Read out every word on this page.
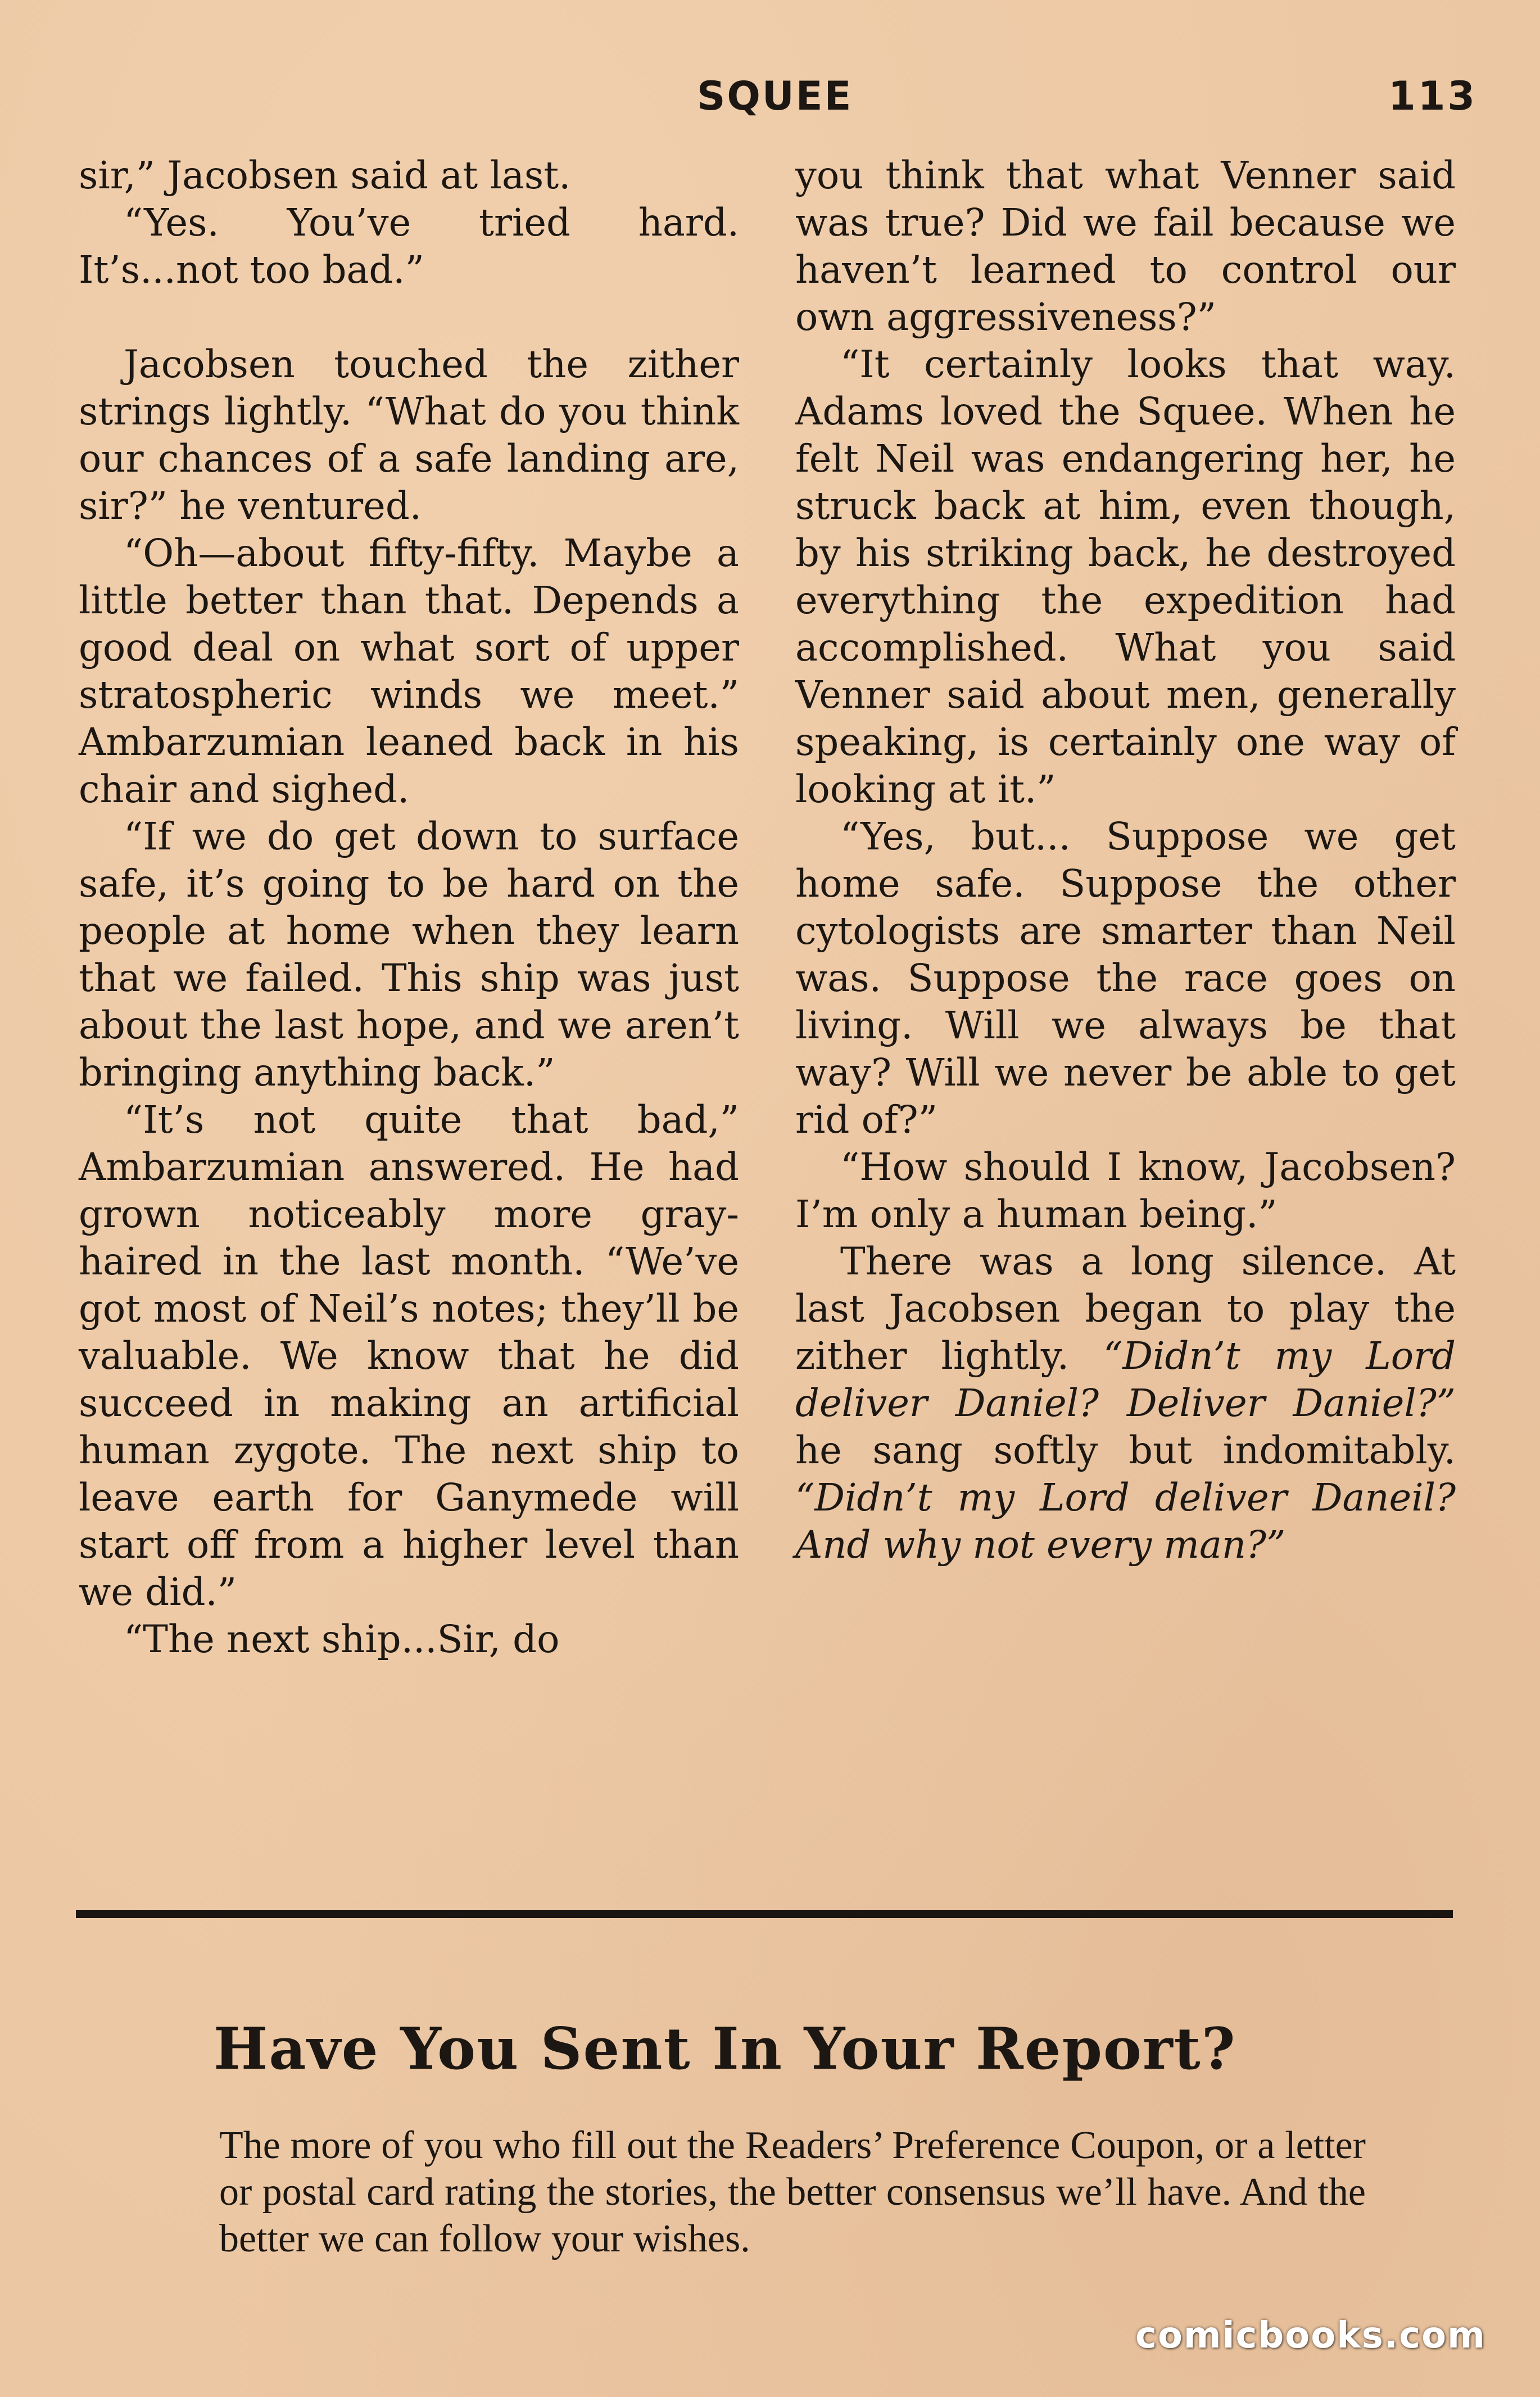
SQUEE	113

sir,” Jacobsen said at last.

“Yes. You’ve tried hard. It’s...not too bad.”

Jacobsen touched the zither strings lightly. “What do you think our chances of a safe landing are, sir?” he ventured.

“Oh—about fifty-fifty. Maybe a little better than that. Depends a good deal on what sort of upper stratospheric winds we meet.” Ambarzumian leaned back in his chair and sighed.

“If we do get down to surface safe, it’s going to be hard on the people at home when they learn that we failed. This ship was just about the last hope, and we aren’t bringing anything back.”

“It’s not quite that bad,” Ambarzumian answered. He had grown noticeably more gray-haired in the last month. “We’ve got most of Neil’s notes; they’ll be valuable. We know that he did succeed in making an artificial human zygote. The next ship to leave earth for Ganymede will start off from a higher level than we did.”

“The next ship...Sir, do

you think that what Venner said was true? Did we fail because we haven’t learned to control our own aggressiveness?”

“It certainly looks that way. Adams loved the Squee. When he felt Neil was endangering her, he struck back at him, even though, by his striking back, he destroyed everything the expedition had accomplished. What you said Venner said about men, generally speaking, is certainly one way of looking at it.”

“Yes, but... Suppose we get home safe. Suppose the other cytologists are smarter than Neil was. Suppose the race goes on living. Will we always be that way? Will we never be able to get rid of?”

“How should I know, Jacobsen? I’m only a human being.”

There was a long silence. At last Jacobsen began to play the zither lightly. “Didn’t my Lord deliver Daniel? Deliver Daniel?” he sang softly but indomitably. “Didn’t my Lord deliver Daneil? And why not every man?”

Have You Sent In Your Report?

The more of you who fill out the Readers’ Preference Coupon, or a letter or postal card rating the stories, the better consensus we’ll have. And the better we can follow your wishes.

comicbooks.com
